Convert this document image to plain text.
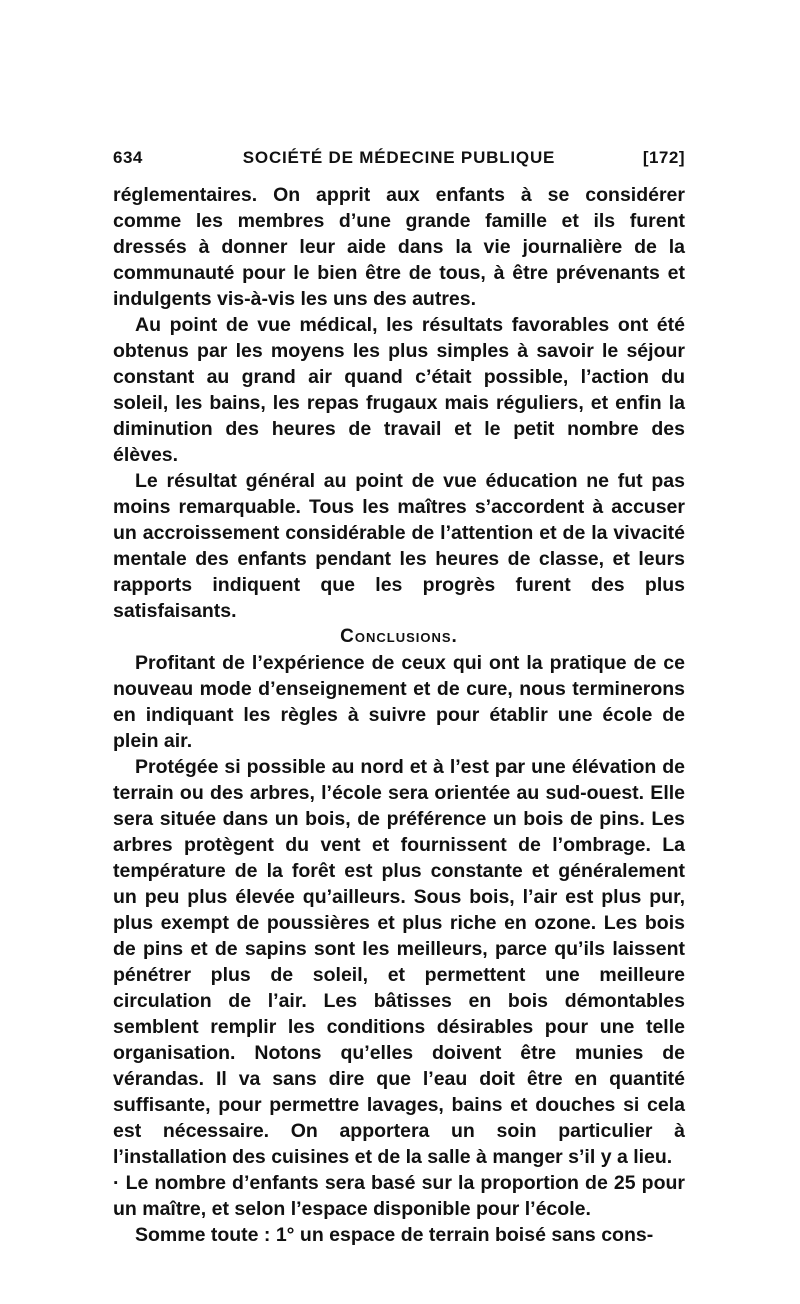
634	SOCIÉTÉ DE MÉDECINE PUBLIQUE	[172]

réglementaires. On apprit aux enfants à se considérer comme les membres d’une grande famille et ils furent dressés à donner leur aide dans la vie journalière de la communauté pour le bien être de tous, à être prévenants et indulgents vis-à-vis les uns des autres.

Au point de vue médical, les résultats favorables ont été obtenus par les moyens les plus simples à savoir le séjour constant au grand air quand c’était possible, l’action du soleil, les bains, les repas frugaux mais réguliers, et enfin la diminution des heures de travail et le petit nombre des élèves.

Le résultat général au point de vue éducation ne fut pas moins remarquable. Tous les maîtres s’accordent à accuser un accroissement considérable de l’attention et de la vivacité mentale des enfants pendant les heures de classe, et leurs rapports indiquent que les progrès furent des plus satisfaisants.

Conclusions.

Profitant de l’expérience de ceux qui ont la pratique de ce nouveau mode d’enseignement et de cure, nous terminerons en indiquant les règles à suivre pour établir une école de plein air.

Protégée si possible au nord et à l’est par une élévation de terrain ou des arbres, l’école sera orientée au sud-ouest. Elle sera située dans un bois, de préférence un bois de pins. Les arbres protègent du vent et fournissent de l’ombrage. La température de la forêt est plus constante et généralement un peu plus élevée qu’ailleurs. Sous bois, l’air est plus pur, plus exempt de poussières et plus riche en ozone. Les bois de pins et de sapins sont les meilleurs, parce qu’ils laissent pénétrer plus de soleil, et permettent une meilleure circulation de l’air. Les bâtisses en bois démontables semblent remplir les conditions désirables pour une telle organisation. Notons qu’elles doivent être munies de vérandas. Il va sans dire que l’eau doit être en quantité suffisante, pour permettre lavages, bains et douches si cela est nécessaire. On apportera un soin particulier à l’installation des cuisines et de la salle à manger s’il y a lieu.

· Le nombre d’enfants sera basé sur la proportion de 25 pour un maître, et selon l’espace disponible pour l’école.

Somme toute : 1° un espace de terrain boisé sans cons-
